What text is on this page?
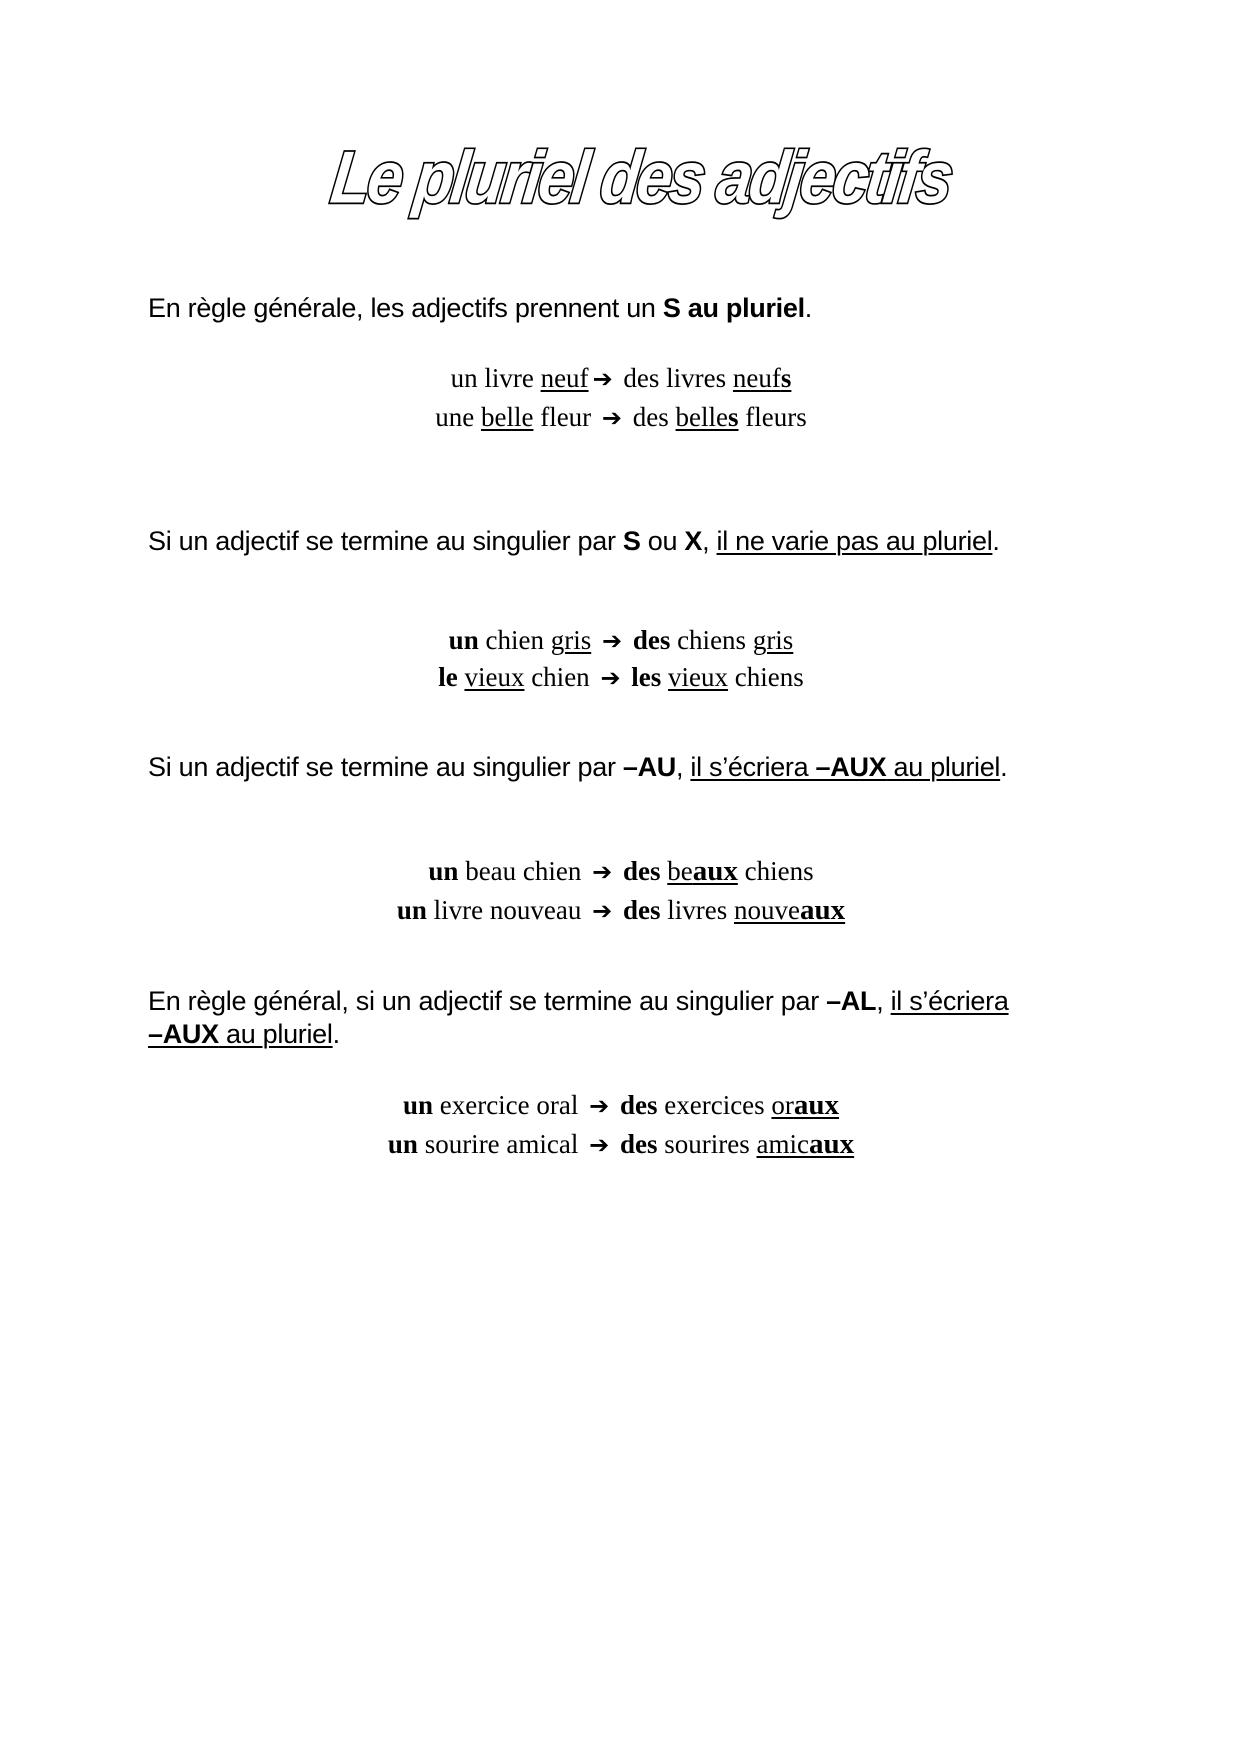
Le pluriel des adjectifs

En règle générale, les adjectifs prennent un S au pluriel.

un livre neuf ➔ des livres neufs
une belle fleur ➔ des belles fleurs

Si un adjectif se termine au singulier par S ou X, il ne varie pas au pluriel.

un chien gris ➔ des chiens gris
le vieux chien ➔ les vieux chiens

Si un adjectif se termine au singulier par –AU, il s’écriera –AUX au pluriel.

un beau chien ➔ des beaux chiens
un livre nouveau ➔ des livres nouveaux

En règle général, si un adjectif se termine au singulier par –AL, il s’écriera –AUX au pluriel.

un exercice oral ➔ des exercices oraux
un sourire amical ➔ des sourires amicaux
